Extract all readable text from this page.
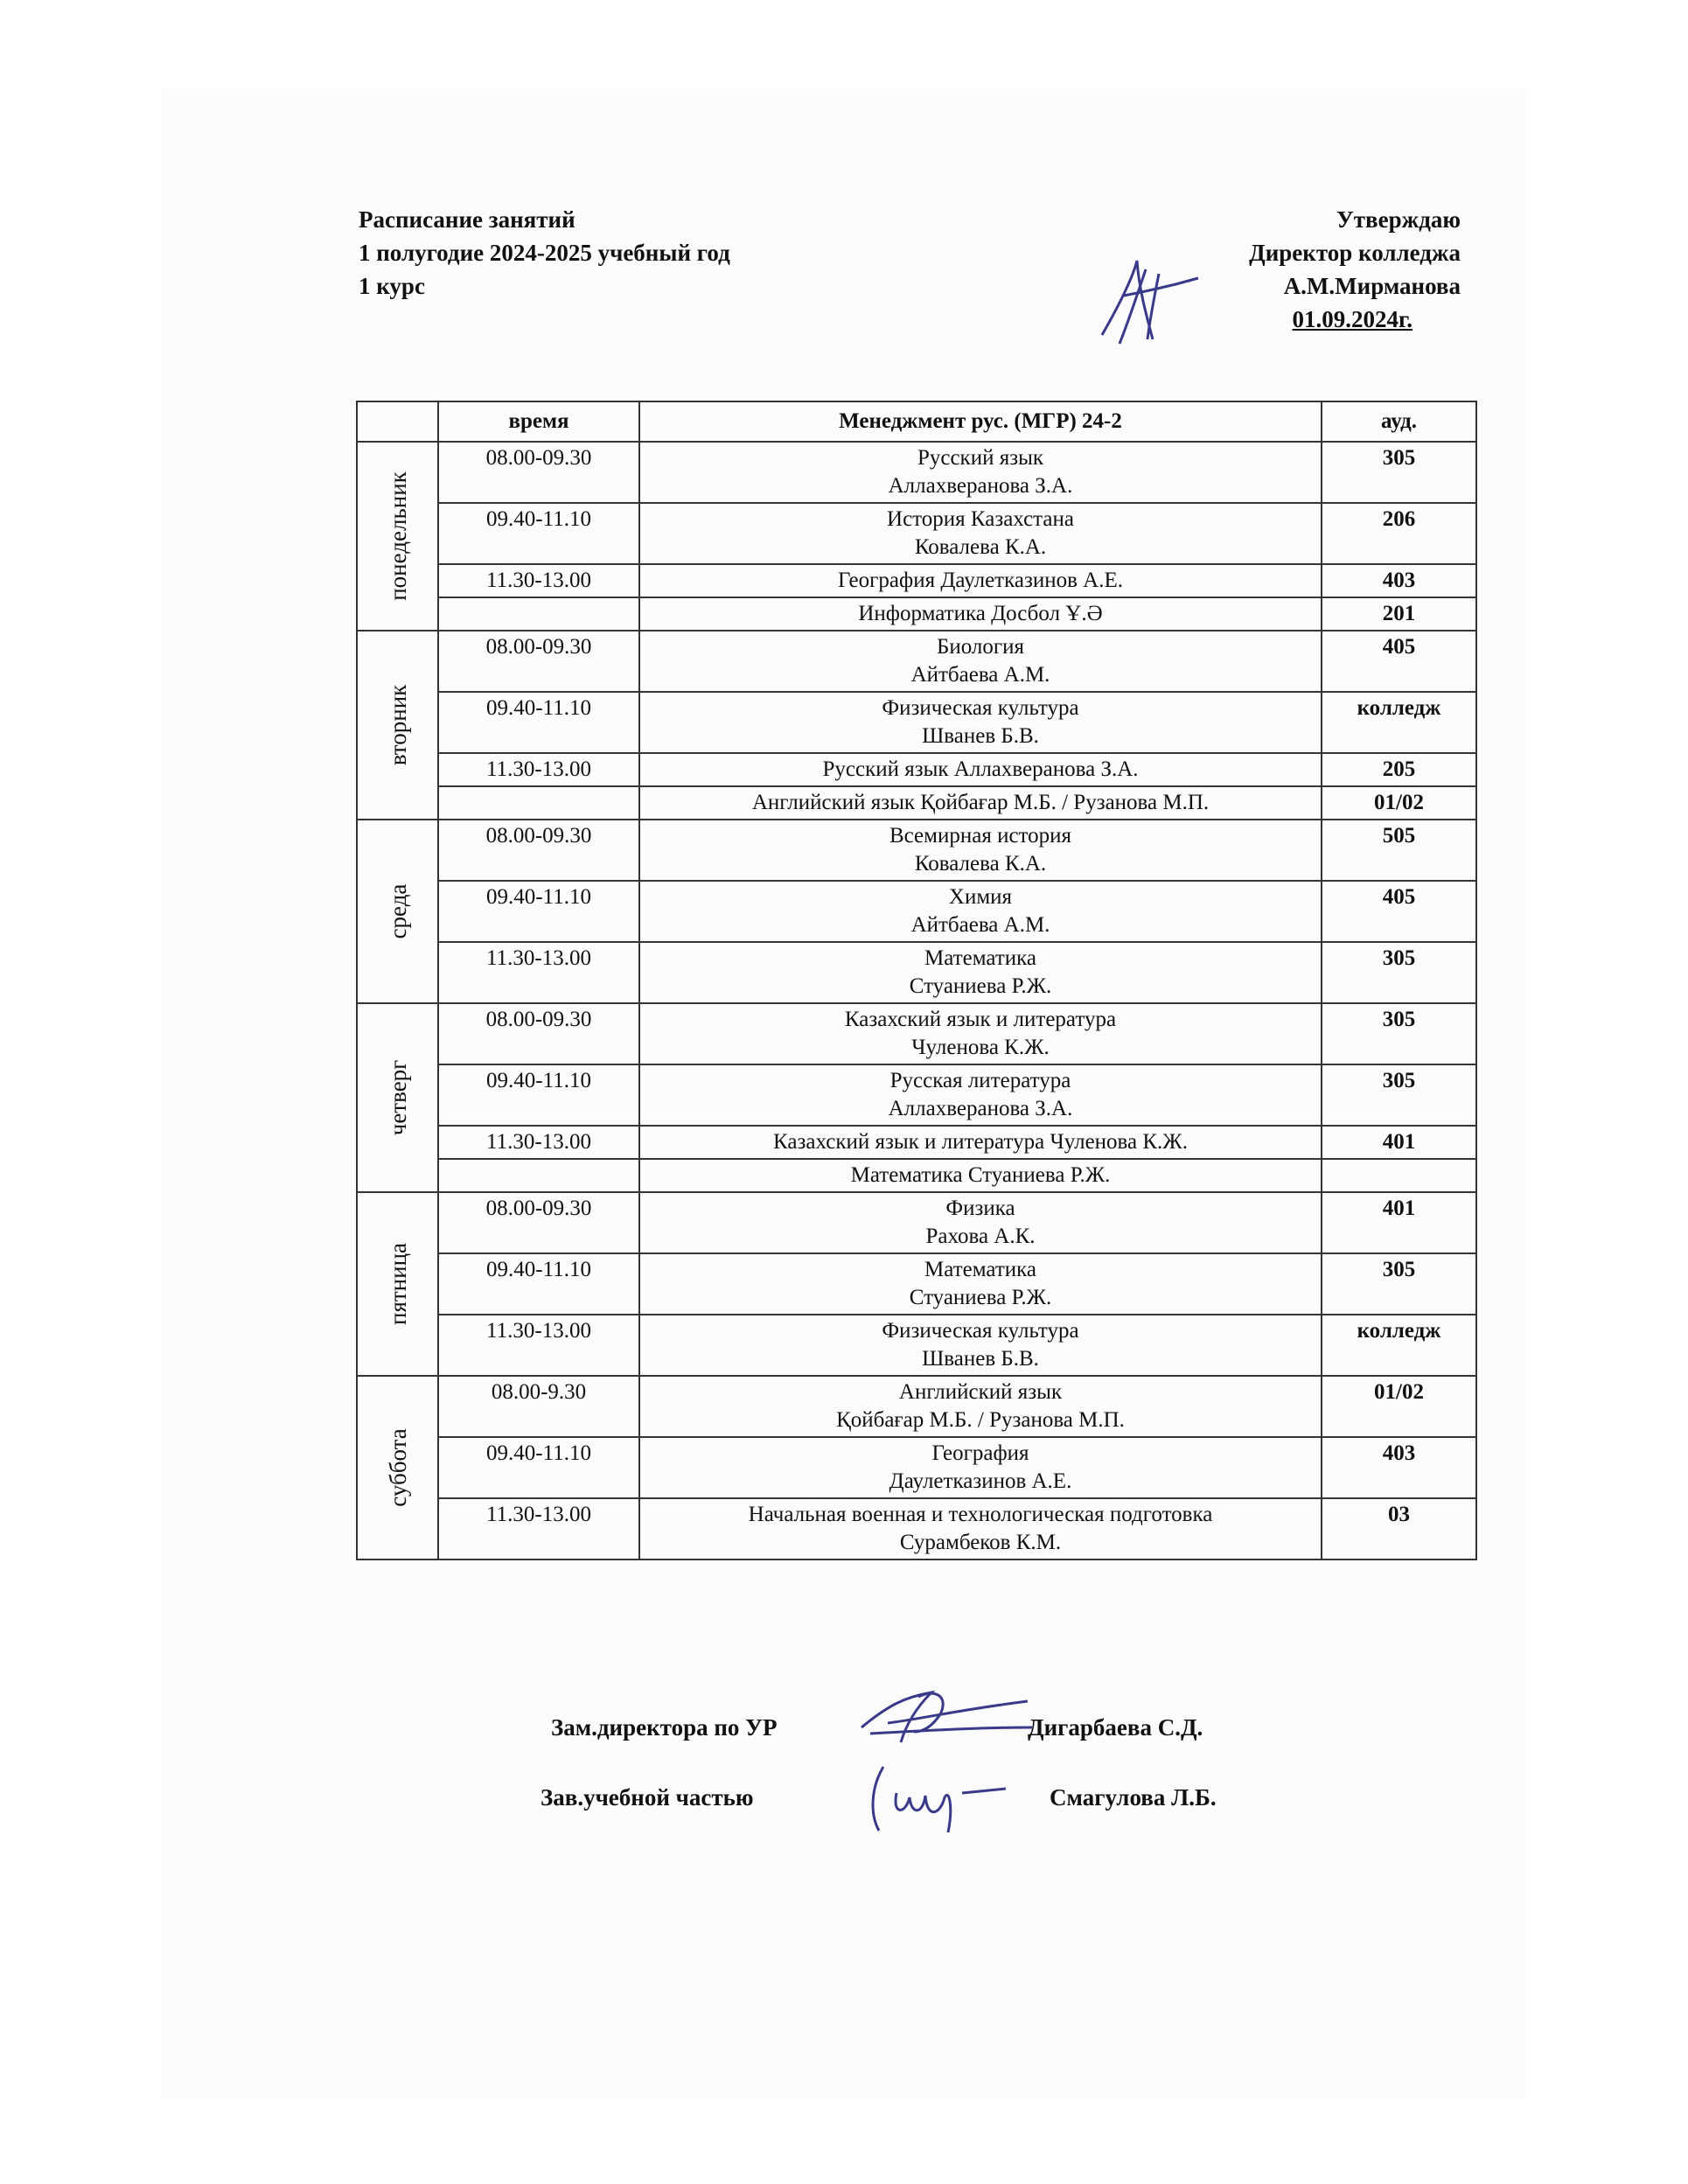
Расписание занятий
1 полугодие 2024-2025 учебный год
1 курс
Утверждаю
Директор колледжа
А.М.Мирманова
01.09.2024г.
	время	Менеджмент рус. (МГР) 24-2	ауд.

понедельник	08.00-09.30	Русский язык
Аллахверанова З.А.	305
	09.40-11.10	История Казахстана
Ковалева К.А.	206
	11.30-13.00	География Даулетказинов А.Е.	403

		Информатика Досбол Ұ.Ә	201

вторник	08.00-09.30	Биология
Айтбаева А.М.	405
	09.40-11.10	Физическая культура
Шванев Б.В.	колледж
	11.30-13.00	Русский язык Аллахверанова З.А.	205

		Английский язык Қойбағар М.Б. / Рузанова М.П.	01/02

среда	08.00-09.30	Всемирная история
Ковалева К.А.	505
	09.40-11.10	Химия
Айтбаева А.М.	405
	11.30-13.00	Математика
Стуаниева Р.Ж.	305

четверг	08.00-09.30	Казахский язык и литература
Чуленова К.Ж.	305
	09.40-11.10	Русская литература
Аллахверанова З.А.	305
	11.30-13.00	Казахский язык и литература Чуленова К.Ж.	401

		Математика Стуаниева Р.Ж.	

пятница	08.00-09.30	Физика
Рахова А.К.	401
	09.40-11.10	Математика
Стуаниева Р.Ж.	305
	11.30-13.00	Физическая культура
Шванев Б.В.	колледж

суббота	08.00-9.30	Английский язык
Қойбағар М.Б. / Рузанова М.П.	01/02
	09.40-11.10	География
Даулетказинов А.Е.	403
	11.30-13.00	Начальная военная и технологическая подготовка
Сурамбеков К.М.	03
Зам.директора по УР	Дигарбаева С.Д.
Зав.учебной частью	Смагулова Л.Б.
